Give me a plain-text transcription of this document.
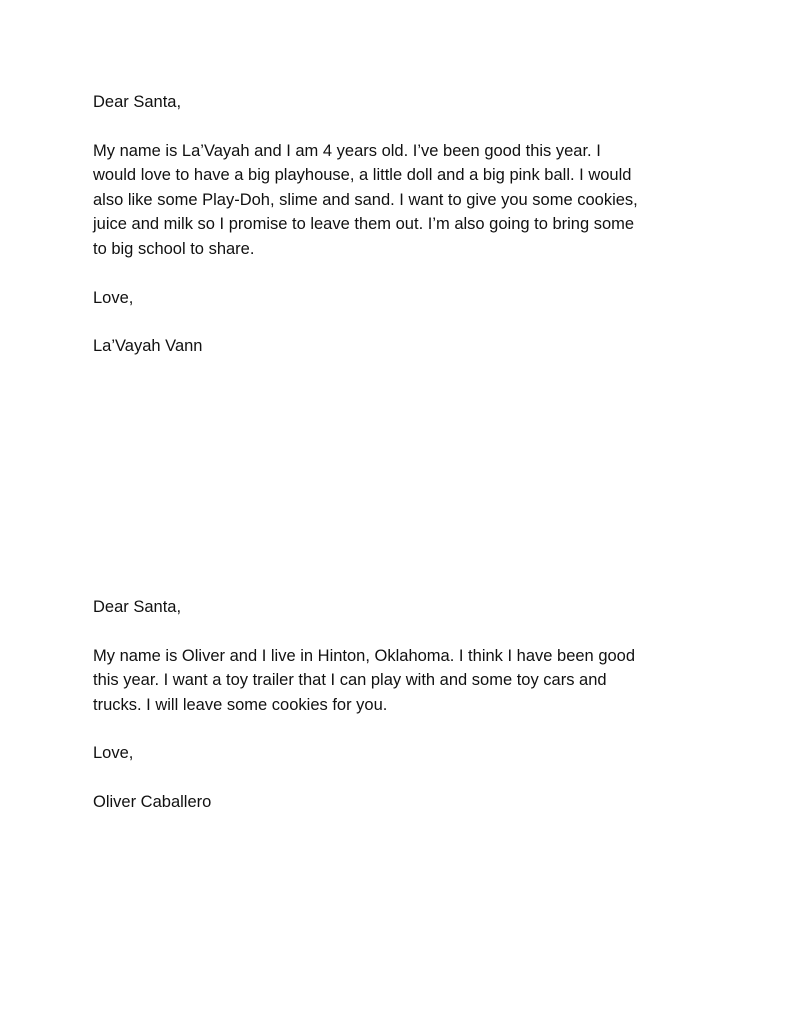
Dear Santa,
My name is La’Vayah and I am 4 years old. I’ve been good this year. I
would love to have a big playhouse, a little doll and a big pink ball. I would
also like some Play-Doh, slime and sand. I want to give you some cookies,
juice and milk so I promise to leave them out. I’m also going to bring some
to big school to share.
Love,
La’Vayah Vann
Dear Santa,
My name is Oliver and I live in Hinton, Oklahoma. I think I have been good
this year. I want a toy trailer that I can play with and some toy cars and
trucks. I will leave some cookies for you.
Love,
Oliver Caballero
